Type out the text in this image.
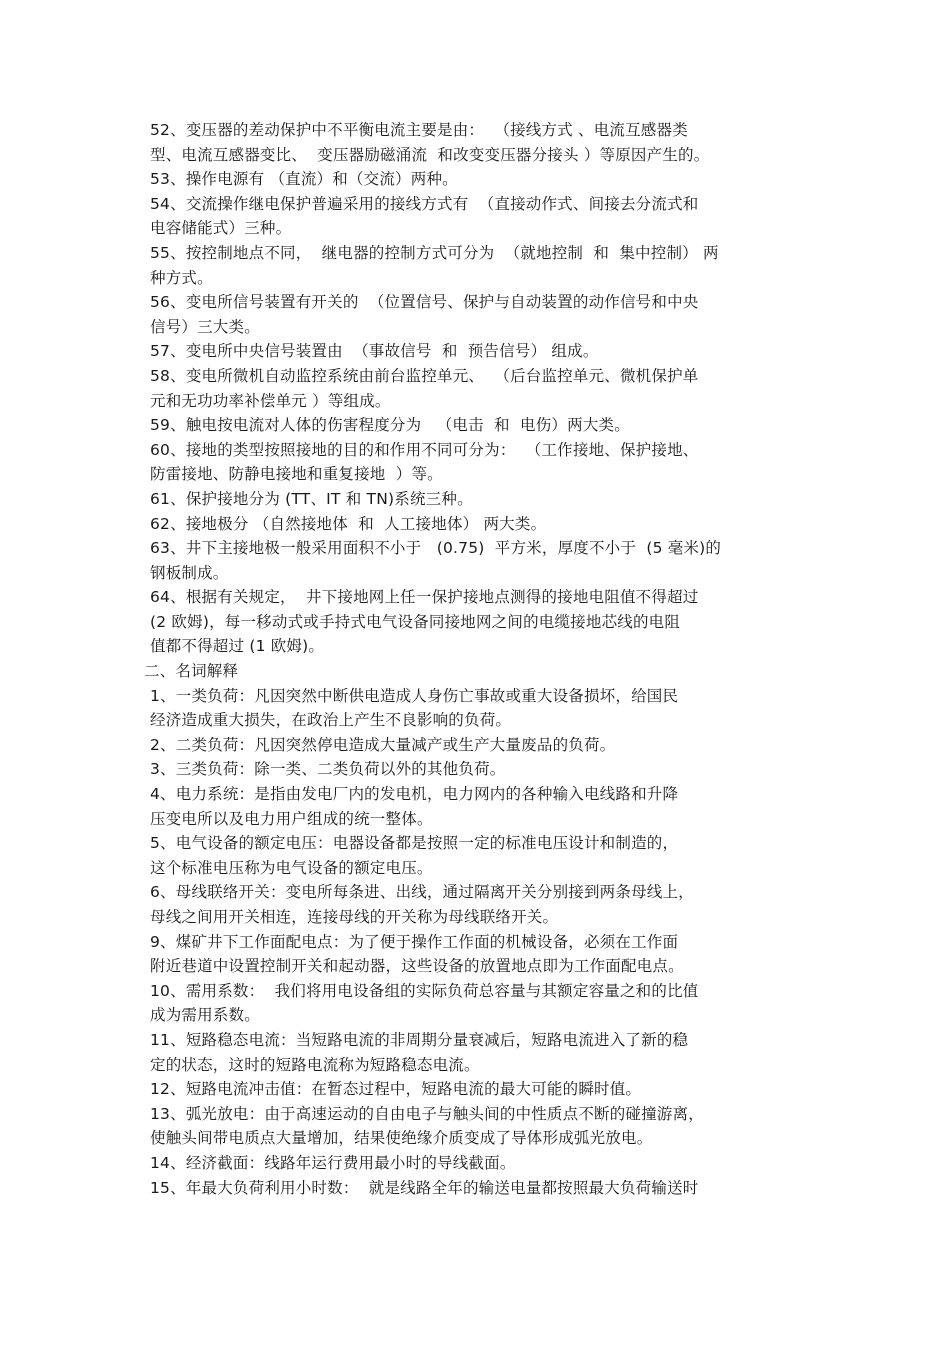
52、变压器的差动保护中不平衡电流主要是由：  （接线方式 、电流互感器类
型、电流互感器变比、  变压器励磁涌流  和改变变压器分接头 ）等原因产生的。
53、操作电源有 （直流）和（交流）两种。
54、交流操作继电保护普遍采用的接线方式有  （直接动作式、间接去分流式和
电容储能式）三种。
55、按控制地点不同，  继电器的控制方式可分为  （就地控制  和  集中控制） 两
种方式。
56、变电所信号装置有开关的  （位置信号、保护与自动装置的动作信号和中央
信号）三大类。
57、变电所中央信号装置由  （事故信号  和  预告信号） 组成。
58、变电所微机自动监控系统由前台监控单元、  （后台监控单元、微机保护单
元和无功功率补偿单元 ）等组成。
59、触电按电流对人体的伤害程度分为   （电击  和  电伤）两大类。
60、接地的类型按照接地的目的和作用不同可分为：  （工作接地、保护接地、
防雷接地、防静电接地和重复接地  ）等。
61、保护接地分为 (TT、IT 和 TN)系统三种。
62、接地极分 （自然接地体  和  人工接地体） 两大类。
63、井下主接地极一般采用面积不小于   (0.75)  平方米，厚度不小于  (5 毫米)的
钢板制成。
64、根据有关规定，  井下接地网上任一保护接地点测得的接地电阻值不得超过
(2 欧姆)，每一移动式或手持式电气设备同接地网之间的电缆接地芯线的电阻
值都不得超过 (1 欧姆)。
二、名词解释
1、一类负荷：凡因突然中断供电造成人身伤亡事故或重大设备损坏，给国民
经济造成重大损失，在政治上产生不良影响的负荷。
2、二类负荷：凡因突然停电造成大量减产或生产大量废品的负荷。
3、三类负荷：除一类、二类负荷以外的其他负荷。
4、电力系统：是指由发电厂内的发电机，电力网内的各种输入电线路和升降
压变电所以及电力用户组成的统一整体。
5、电气设备的额定电压：电器设备都是按照一定的标准电压设计和制造的，
这个标准电压称为电气设备的额定电压。
6、母线联络开关：变电所每条进、出线，通过隔离开关分别接到两条母线上，
母线之间用开关相连，连接母线的开关称为母线联络开关。
9、煤矿井下工作面配电点：为了便于操作工作面的机械设备，必须在工作面
附近巷道中设置控制开关和起动器，这些设备的放置地点即为工作面配电点。
10、需用系数：  我们将用电设备组的实际负荷总容量与其额定容量之和的比值
成为需用系数。
11、短路稳态电流：当短路电流的非周期分量衰减后，短路电流进入了新的稳
定的状态，这时的短路电流称为短路稳态电流。
12、短路电流冲击值：在暂态过程中，短路电流的最大可能的瞬时值。
13、弧光放电：由于高速运动的自由电子与触头间的中性质点不断的碰撞游离，
使触头间带电质点大量增加，结果使绝缘介质变成了导体形成弧光放电。
14、经济截面：线路年运行费用最小时的导线截面。
15、年最大负荷利用小时数：  就是线路全年的输送电量都按照最大负荷输送时
